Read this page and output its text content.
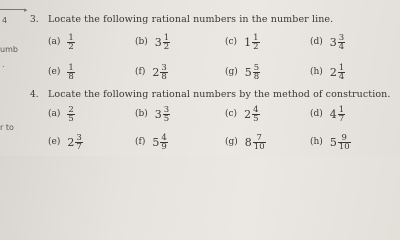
▸
4
umb
.
r to
3. Locate the following rational numbers in the number line.
$(a) \frac{1}{2}$	(b) $3 \frac{1}{2}$	(c) $1 \frac{1}{2}$	(d) $3 \frac{3}{4}$
$(e) \frac{1}{8}$	(f) $2 \frac{3}{8}$	(g) $5 \frac{5}{8}$	(h) $2 \frac{1}{4}$
4. Locate the following rational numbers by the method of construction.
$(a) \frac{2}{5}$	(b) $3 \frac{3}{5}$	(c) $2 \frac{4}{5}$	(d) $4 \frac{1}{7}$
(e) $2 \frac{3}{7}$	(f) $5 \frac{4}{9}$	(g) $8 \frac{7}{10}$	(h) $5 \frac{9}{10}$
